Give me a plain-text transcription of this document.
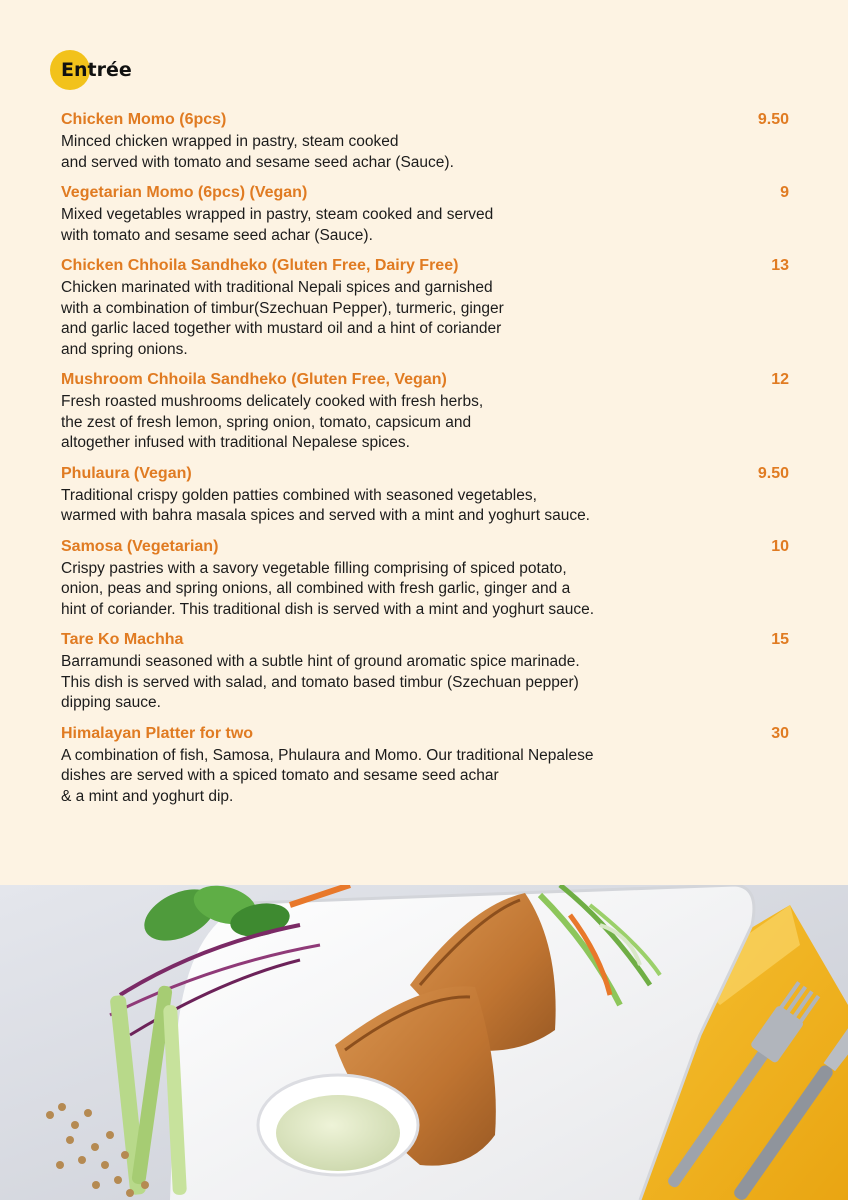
Entrée
Chicken Momo (6pcs)	9.50
Minced chicken wrapped in pastry, steam cooked
and served with tomato and sesame seed achar (Sauce).
Vegetarian Momo (6pcs) (Vegan)	9
Mixed vegetables wrapped in pastry, steam cooked and served
with tomato and sesame seed achar (Sauce).
Chicken Chhoila Sandheko (Gluten Free, Dairy Free)	13
Chicken marinated with traditional Nepali spices and garnished
with a combination of timbur(Szechuan Pepper), turmeric, ginger
and garlic laced together with mustard oil and a hint of coriander
and spring onions.
Mushroom Chhoila Sandheko (Gluten Free, Vegan)	12
Fresh roasted mushrooms delicately cooked with fresh herbs,
the zest of fresh lemon, spring onion, tomato, capsicum and
altogether infused with traditional Nepalese spices.
Phulaura (Vegan)	9.50
Traditional crispy golden patties combined with seasoned vegetables,
warmed with bahra masala spices and served with a mint and yoghurt sauce.
Samosa (Vegetarian)	10
Crispy pastries with a savory vegetable filling comprising of spiced potato,
onion, peas and spring onions, all combined with fresh garlic, ginger and a
hint of coriander. This traditional dish is served with a mint and yoghurt sauce.
Tare Ko Machha	15
Barramundi seasoned with a subtle hint of ground aromatic spice marinade.
This dish is served with salad, and tomato based timbur (Szechuan pepper)
dipping sauce.
Himalayan Platter for two	30
A combination of fish, Samosa, Phulaura and Momo. Our traditional Nepalese
dishes are served with a spiced tomato and sesame seed achar
& a mint and yoghurt dip.
